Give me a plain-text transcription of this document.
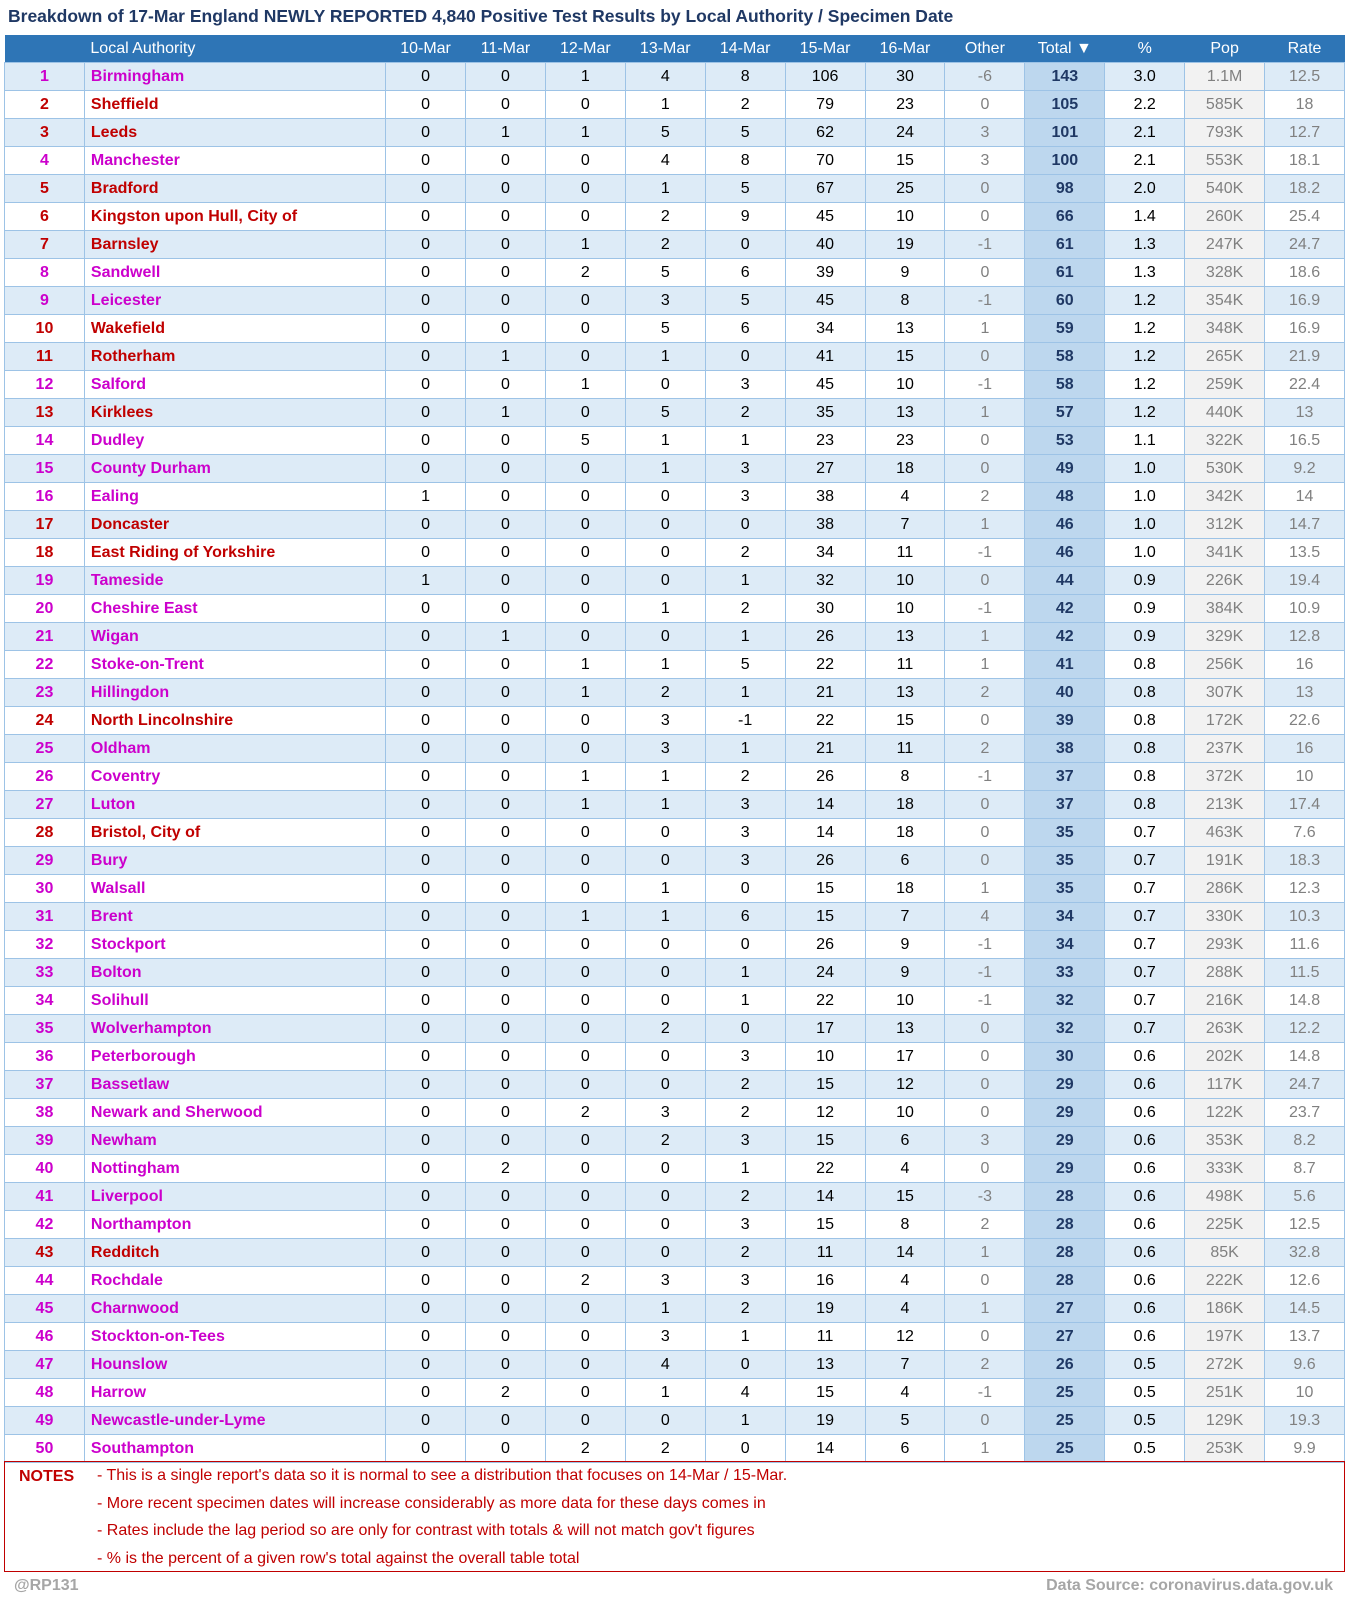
Breakdown of 17-Mar England NEWLY REPORTED 4,840 Positive Test Results by Local Authority / Specimen Date
	Local Authority	10-Mar	11-Mar	12-Mar	13-Mar	14-Mar	15-Mar	16-Mar	Other	Total ▼	%	Pop	Rate
1	Birmingham	0	0	1	4	8	106	30	-6	143	3.0	1.1M	12.5
2	Sheffield	0	0	0	1	2	79	23	0	105	2.2	585K	18
3	Leeds	0	1	1	5	5	62	24	3	101	2.1	793K	12.7
4	Manchester	0	0	0	4	8	70	15	3	100	2.1	553K	18.1
5	Bradford	0	0	0	1	5	67	25	0	98	2.0	540K	18.2
6	Kingston upon Hull, City of	0	0	0	2	9	45	10	0	66	1.4	260K	25.4
7	Barnsley	0	0	1	2	0	40	19	-1	61	1.3	247K	24.7
8	Sandwell	0	0	2	5	6	39	9	0	61	1.3	328K	18.6
9	Leicester	0	0	0	3	5	45	8	-1	60	1.2	354K	16.9
10	Wakefield	0	0	0	5	6	34	13	1	59	1.2	348K	16.9
11	Rotherham	0	1	0	1	0	41	15	0	58	1.2	265K	21.9
12	Salford	0	0	1	0	3	45	10	-1	58	1.2	259K	22.4
13	Kirklees	0	1	0	5	2	35	13	1	57	1.2	440K	13
14	Dudley	0	0	5	1	1	23	23	0	53	1.1	322K	16.5
15	County Durham	0	0	0	1	3	27	18	0	49	1.0	530K	9.2
16	Ealing	1	0	0	0	3	38	4	2	48	1.0	342K	14
17	Doncaster	0	0	0	0	0	38	7	1	46	1.0	312K	14.7
18	East Riding of Yorkshire	0	0	0	0	2	34	11	-1	46	1.0	341K	13.5
19	Tameside	1	0	0	0	1	32	10	0	44	0.9	226K	19.4
20	Cheshire East	0	0	0	1	2	30	10	-1	42	0.9	384K	10.9
21	Wigan	0	1	0	0	1	26	13	1	42	0.9	329K	12.8
22	Stoke-on-Trent	0	0	1	1	5	22	11	1	41	0.8	256K	16
23	Hillingdon	0	0	1	2	1	21	13	2	40	0.8	307K	13
24	North Lincolnshire	0	0	0	3	-1	22	15	0	39	0.8	172K	22.6
25	Oldham	0	0	0	3	1	21	11	2	38	0.8	237K	16
26	Coventry	0	0	1	1	2	26	8	-1	37	0.8	372K	10
27	Luton	0	0	1	1	3	14	18	0	37	0.8	213K	17.4
28	Bristol, City of	0	0	0	0	3	14	18	0	35	0.7	463K	7.6
29	Bury	0	0	0	0	3	26	6	0	35	0.7	191K	18.3
30	Walsall	0	0	0	1	0	15	18	1	35	0.7	286K	12.3
31	Brent	0	0	1	1	6	15	7	4	34	0.7	330K	10.3
32	Stockport	0	0	0	0	0	26	9	-1	34	0.7	293K	11.6
33	Bolton	0	0	0	0	1	24	9	-1	33	0.7	288K	11.5
34	Solihull	0	0	0	0	1	22	10	-1	32	0.7	216K	14.8
35	Wolverhampton	0	0	0	2	0	17	13	0	32	0.7	263K	12.2
36	Peterborough	0	0	0	0	3	10	17	0	30	0.6	202K	14.8
37	Bassetlaw	0	0	0	0	2	15	12	0	29	0.6	117K	24.7
38	Newark and Sherwood	0	0	2	3	2	12	10	0	29	0.6	122K	23.7
39	Newham	0	0	0	2	3	15	6	3	29	0.6	353K	8.2
40	Nottingham	0	2	0	0	1	22	4	0	29	0.6	333K	8.7
41	Liverpool	0	0	0	0	2	14	15	-3	28	0.6	498K	5.6
42	Northampton	0	0	0	0	3	15	8	2	28	0.6	225K	12.5
43	Redditch	0	0	0	0	2	11	14	1	28	0.6	85K	32.8
44	Rochdale	0	0	2	3	3	16	4	0	28	0.6	222K	12.6
45	Charnwood	0	0	0	1	2	19	4	1	27	0.6	186K	14.5
46	Stockton-on-Tees	0	0	0	3	1	11	12	0	27	0.6	197K	13.7
47	Hounslow	0	0	0	4	0	13	7	2	26	0.5	272K	9.6
48	Harrow	0	2	0	1	4	15	4	-1	25	0.5	251K	10
49	Newcastle-under-Lyme	0	0	0	0	1	19	5	0	25	0.5	129K	19.3
50	Southampton	0	0	2	2	0	14	6	1	25	0.5	253K	9.9
NOTES - This is a single report's data so it is normal to see a distribution that focuses on 14-Mar / 15-Mar.
- More recent specimen dates will increase considerably as more data for these days comes in
- Rates include the lag period so are only for contrast with totals & will not match gov't figures
- % is the percent of a given row's total against the overall table total
@RP131	Data Source: coronavirus.data.gov.uk
